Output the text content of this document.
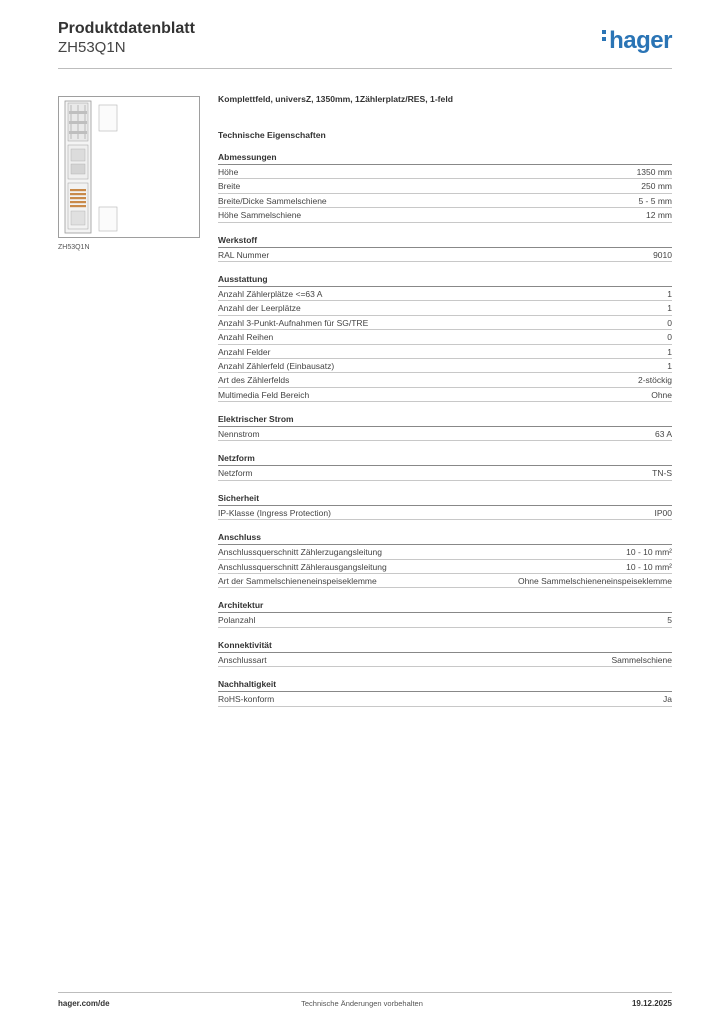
Produktdatenblatt
ZH53Q1N	hager
ZH53Q1N
Komplettfeld, universZ, 1350mm, 1Zählerplatz/RES, 1-feld
Technische Eigenschaften
Abmessungen
Höhe	1350 mm
Breite	250 mm
Breite/Dicke Sammelschiene	5 - 5 mm
Höhe Sammelschiene	12 mm
Werkstoff
RAL Nummer	9010
Ausstattung
Anzahl Zählerplätze <=63 A	1
Anzahl der Leerplätze	1
Anzahl 3-Punkt-Aufnahmen für SG/TRE	0
Anzahl Reihen	0
Anzahl Felder	1
Anzahl Zählerfeld (Einbausatz)	1
Art des Zählerfelds	2-stöckig
Multimedia Feld Bereich	Ohne
Elektrischer Strom
Nennstrom	63 A
Netzform
Netzform	TN-S
Sicherheit
IP-Klasse (Ingress Protection)	IP00
Anschluss
Anschlussquerschnitt Zählerzugangsleitung	10 - 10 mm²
Anschlussquerschnitt Zählerausgangsleitung	10 - 10 mm²
Art der Sammelschieneneinspeiseklemme	Ohne Sammelschieneneinspeiseklemme
Architektur
Polanzahl	5
Konnektivität
Anschlussart	Sammelschiene
Nachhaltigkeit
RoHS-konform	Ja
hager.com/de	Technische Änderungen vorbehalten	19.12.2025
